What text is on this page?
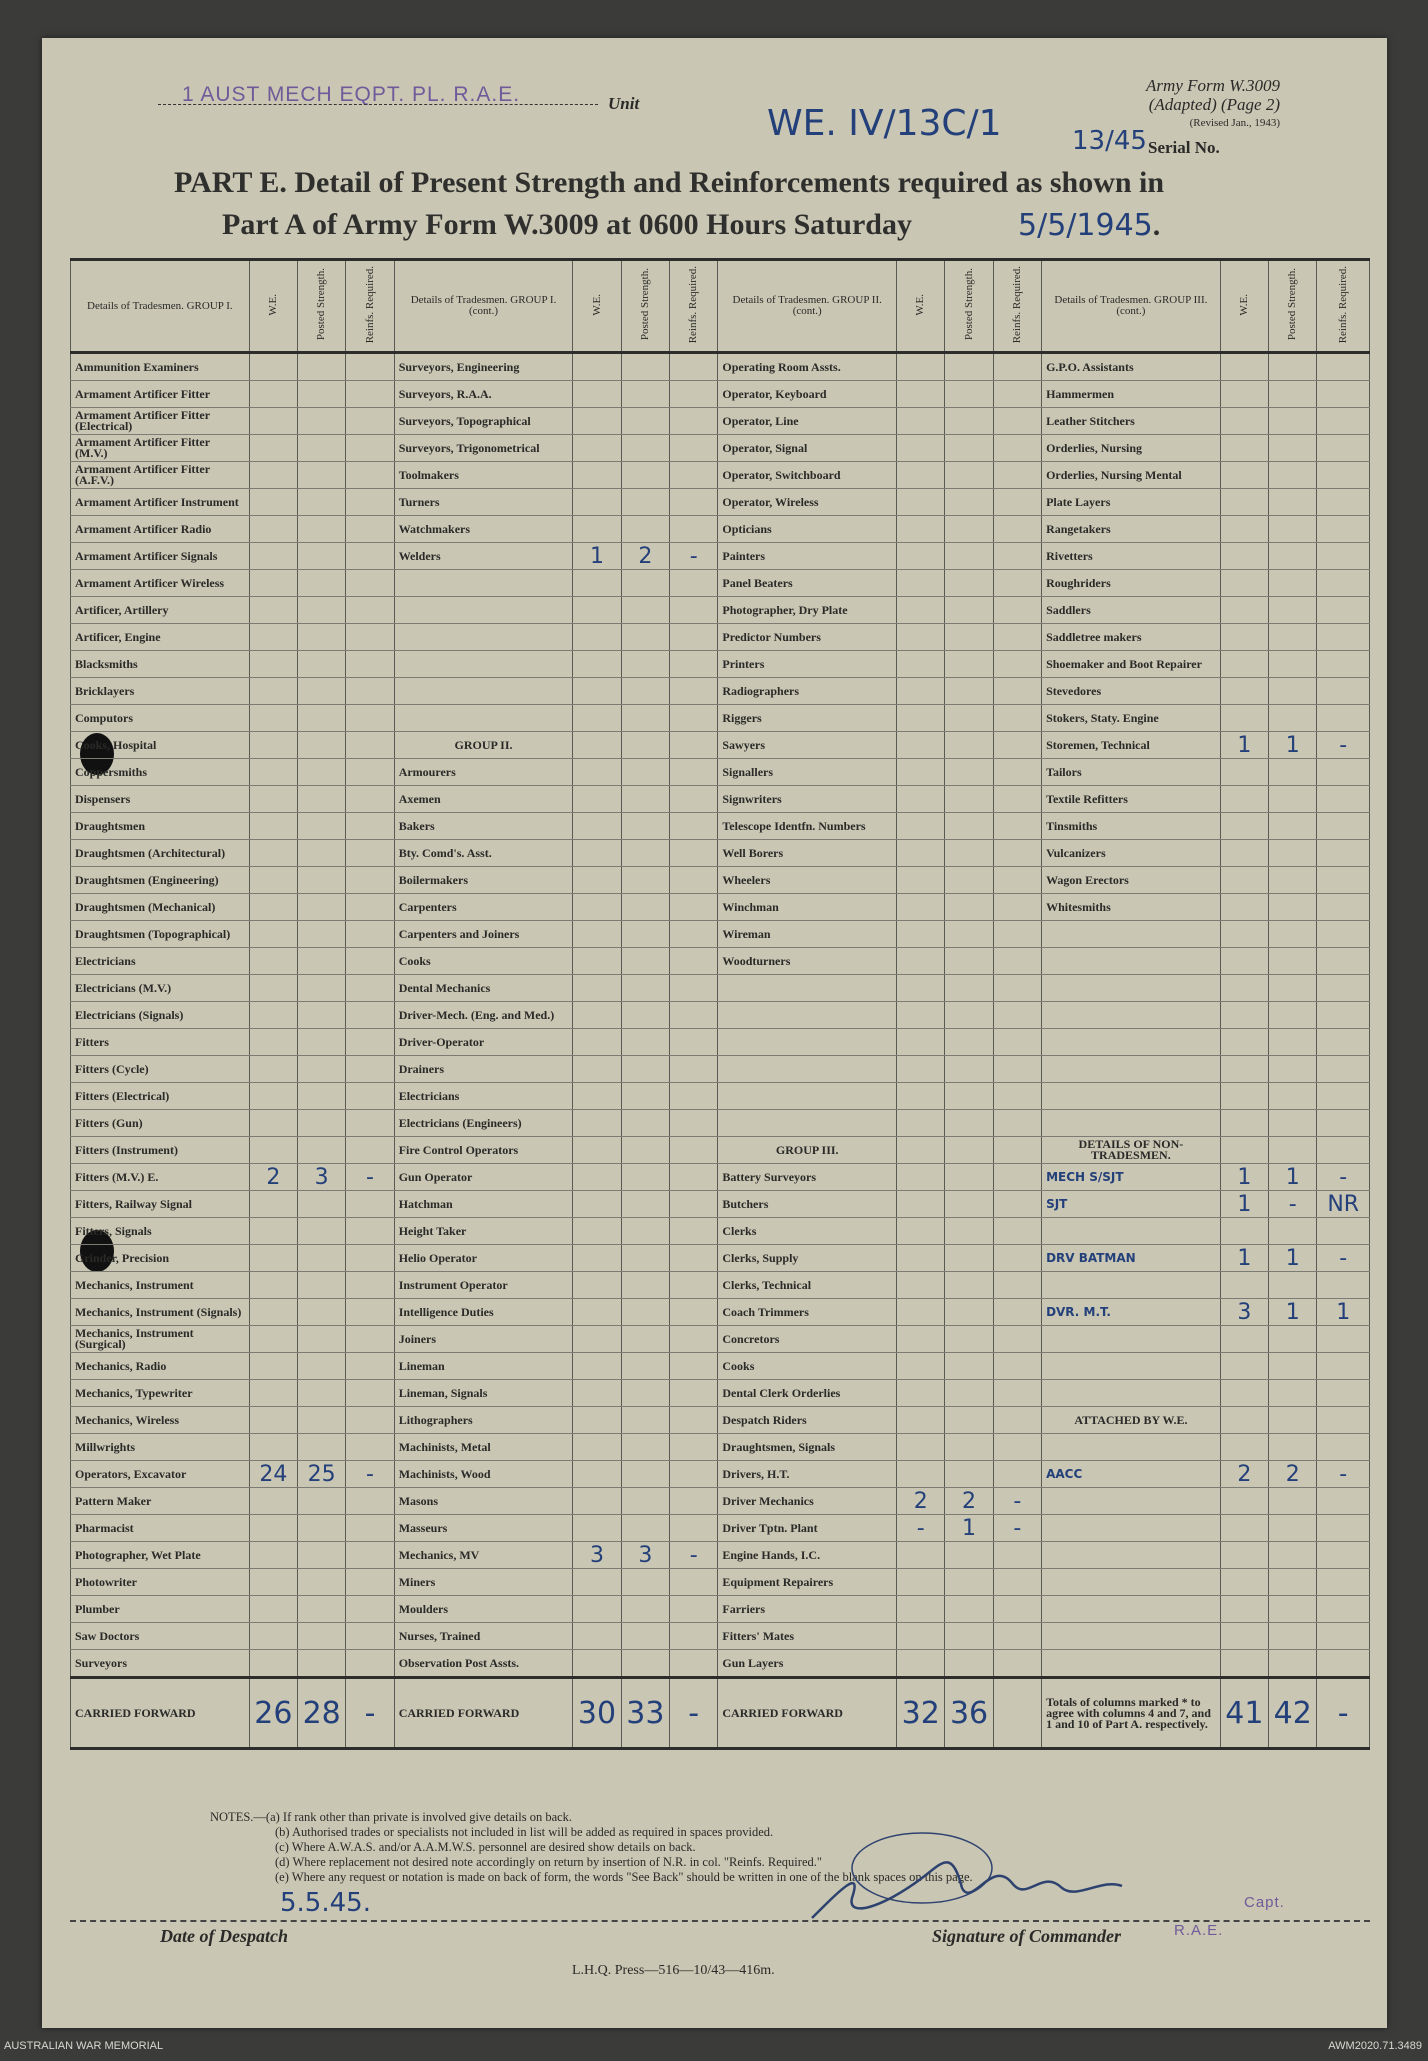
1 AUST MECH EQPT. PL. R.A.E.	Unit	WE. IV/13C/1
Army Form W.3009
(Adapted) (Page 2)
(Revised Jan., 1943)
13/45 Serial No.
PART E. Detail of Present Strength and Reinforcements required as shown in
Part A of Army Form W.3009 at 0600 Hours Saturday	5/5/1945.
Details of Tradesmen. GROUP I.	W.E.	Posted Strength.	Reinfs. Required.	Details of Tradesmen. GROUP I. (cont.)	W.E.	Posted Strength.	Reinfs. Required.	Details of Tradesmen. GROUP II. (cont.)	W.E.	Posted Strength.	Reinfs. Required.	Details of Tradesmen. GROUP III. (cont.)	W.E.	Posted Strength.	Reinfs. Required.
Ammunition Examiners				Surveyors, Engineering				Operating Room Assts.				G.P.O. Assistants			
Armament Artificer Fitter				Surveyors, R.A.A.				Operator, Keyboard				Hammermen			
Armament Artificer Fitter (Electrical)				Surveyors, Topographical				Operator, Line				Leather Stitchers			
Armament Artificer Fitter (M.V.)				Surveyors, Trigonometrical				Operator, Signal				Orderlies, Nursing			
Armament Artificer Fitter (A.F.V.)				Toolmakers				Operator, Switchboard				Orderlies, Nursing Mental			
Armament Artificer Instrument				Turners				Operator, Wireless				Plate Layers			
Armament Artificer Radio				Watchmakers				Opticians				Rangetakers			
Armament Artificer Signals				Welders	1	2	-	Painters				Rivetters			
Armament Artificer Wireless								Panel Beaters				Roughriders			
Artificer, Artillery								Photographer, Dry Plate				Saddlers			
Artificer, Engine								Predictor Numbers				Saddletree makers			
Blacksmiths								Printers				Shoemaker and Boot Repairer			
Bricklayers								Radiographers				Stevedores			
Computors								Riggers				Stokers, Staty. Engine			
Cooks, Hospital				GROUP II.				Sawyers				Storemen, Technical	1	1	-
Coppersmiths				Armourers				Signallers				Tailors			
Dispensers				Axemen				Signwriters				Textile Refitters			
Draughtsmen				Bakers				Telescope Identfn. Numbers				Tinsmiths			
Draughtsmen (Architectural)				Bty. Comd's. Asst.				Well Borers				Vulcanizers			
Draughtsmen (Engineering)				Boilermakers				Wheelers				Wagon Erectors			
Draughtsmen (Mechanical)				Carpenters				Winchman				Whitesmiths			
Draughtsmen (Topographical)				Carpenters and Joiners				Wireman							
Electricians				Cooks				Woodturners							
Electricians (M.V.)				Dental Mechanics											
Electricians (Signals)				Driver-Mech. (Eng. and Med.)											
Fitters				Driver-Operator											
Fitters (Cycle)				Drainers											
Fitters (Electrical)				Electricians											
Fitters (Gun)				Electricians (Engineers)											
Fitters (Instrument)				Fire Control Operators				GROUP III.				DETAILS OF NON-TRADESMEN.			
Fitters (M.V.) E.	2	3	-	Gun Operator				Battery Surveyors				MECH S/SJT	1	1	-
Fitters, Railway Signal				Hatchman				Butchers				SJT	1	-	NR
Fitters, Signals				Height Taker				Clerks							
Grinder, Precision				Helio Operator				Clerks, Supply				DRV BATMAN	1	1	-
Mechanics, Instrument				Instrument Operator				Clerks, Technical							
Mechanics, Instrument (Signals)				Intelligence Duties				Coach Trimmers				DVR. M.T.	3	1	1
Mechanics, Instrument (Surgical)				Joiners				Concretors							
Mechanics, Radio				Lineman				Cooks							
Mechanics, Typewriter				Lineman, Signals				Dental Clerk Orderlies							
Mechanics, Wireless				Lithographers				Despatch Riders				ATTACHED BY W.E.			
Millwrights				Machinists, Metal				Draughtsmen, Signals							
Operators, Excavator	24	25	-	Machinists, Wood				Drivers, H.T.				AACC	2	2	-
Pattern Maker				Masons				Driver Mechanics	2	2	-				
Pharmacist				Masseurs				Driver Tptn. Plant	-	1	-				
Photographer, Wet Plate				Mechanics, MV	3	3	-	Engine Hands, I.C.							
Photowriter				Miners				Equipment Repairers							
Plumber				Moulders				Farriers							
Saw Doctors				Nurses, Trained				Fitters' Mates							
Surveyors				Observation Post Assts.				Gun Layers							
CARRIED FORWARD	26	28	-	CARRIED FORWARD	30	33	-	CARRIED FORWARD	32	36		Totals of columns marked * to agree with columns 4 and 7, and 1 and 10 of Part A. respectively.	41	42	-
NOTES.—(a) If rank other than private is involved give details on back.
(b) Authorised trades or specialists not included in list will be added as required in spaces provided.
(c) Where A.W.A.S. and/or A.A.M.W.S. personnel are desired show details on back.
(d) Where replacement not desired note accordingly on return by insertion of N.R. in col. "Reinfs. Required."
(e) Where any request or notation is made on back of form, the words "See Back" should be written in one of the blank spaces on this page.
5.5.45.
Date of Despatch	Signature of Commander
Capt.
R.A.E.
L.H.Q. Press—516—10/43—416m.
AUSTRALIAN WAR MEMORIAL	AWM2020.71.3489
